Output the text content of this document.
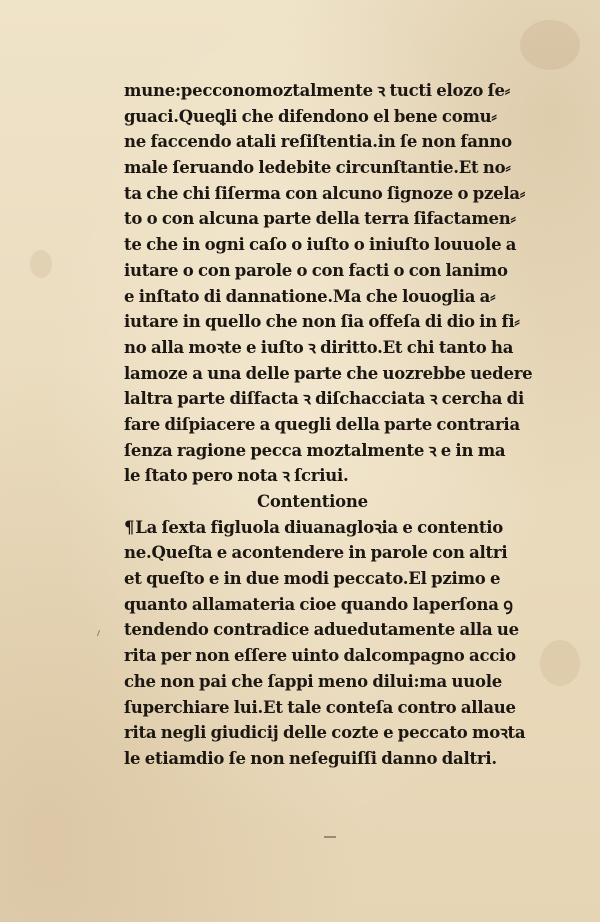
mune:pecconomoztalmente ꝛ tucti elozo ſe⸗
guaci.Queꝗli che difendono el bene comu⸗
ne faccendo atali reſiſtentia.in ſe non fanno
male ſeruando ledebite circunſtantie.Et no⸗
ta che chi ſiſerma con alcuno ſignoze o pzela⸗
to o con alcuna parte della terra ſifactamen⸗
te che in ogni caſo o iuſto o iniuſto louuole a
iutare o con parole o con facti o con lanimo
e inſtato di dannatione.Ma che louoglia a⸗
iutare in quello che non ſia offeſa di dio in fi⸗
no alla moꝛte e iuſto ꝛ diritto.Et chi tanto ha
lamoze a una delle parte che uozrebbe uedere
laltra parte diſfacta ꝛ diſchacciata ꝛ cercha di
fare diſpiacere a quegli della parte contraria
ſenza ragione pecca moztalmente ꝛ e in ma
le ſtato pero nota ꝛ ſcriui.
Contentione
¶La ſexta figluola diuanagloꝛia e contentio
ne.Queſta e acontendere in parole con altri
et queſto e in due modi peccato.El pzimo e
quanto allamateria cioe quando laperſona ꝯ
tendendo contradice aduedutamente alla ue
rita per non eſſere uinto dalcompagno accio
che non pai che ſappi meno dilui:ma uuole
ſuperchiare lui.Et tale conteſa contro allaue
rita negli giudicij delle cozte e peccato moꝛta
le etiamdio ſe non neſeguiſſi danno daltri.
